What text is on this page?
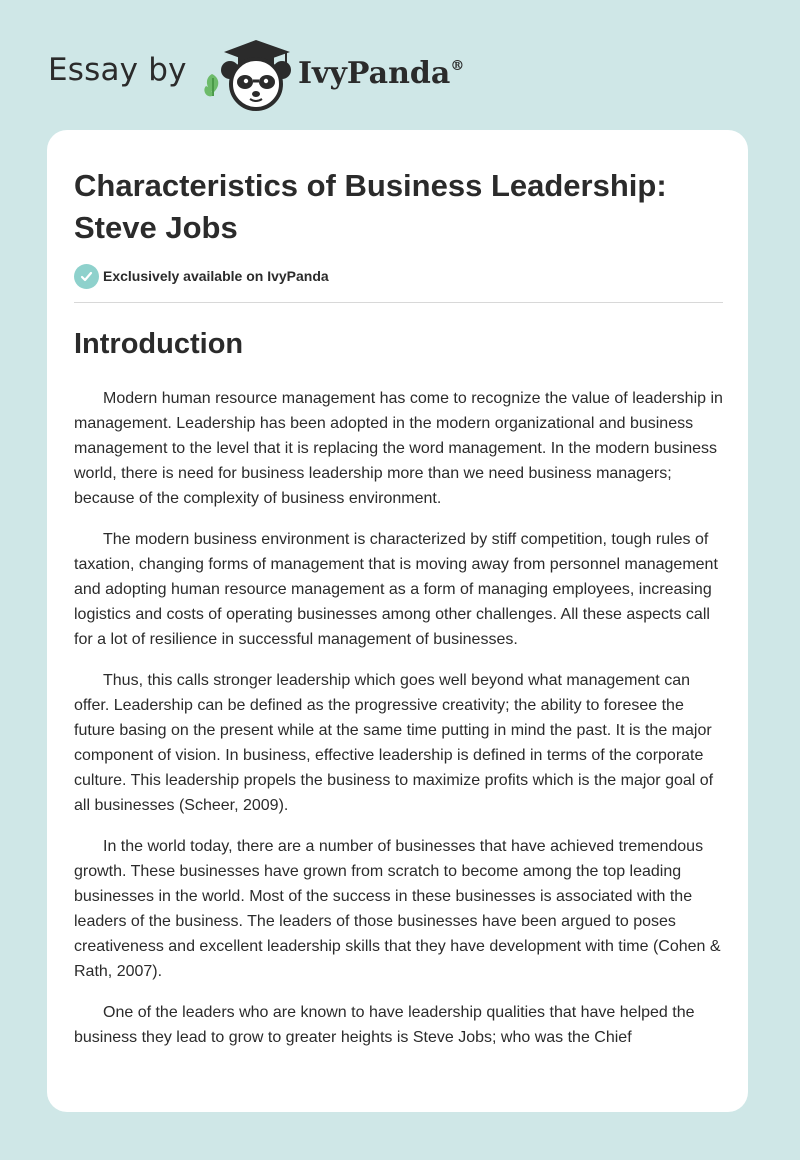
Essay by	IvyPanda®
Characteristics of Business Leadership: Steve Jobs
Exclusively available on IvyPanda
Introduction

Modern human resource management has come to recognize the value of leadership in management. Leadership has been adopted in the modern organizational and business management to the level that it is replacing the word management. In the modern business world, there is need for business leadership more than we need business managers; because of the complexity of business environment.

The modern business environment is characterized by stiff competition, tough rules of taxation, changing forms of management that is moving away from personnel management and adopting human resource management as a form of managing employees, increasing logistics and costs of operating businesses among other challenges. All these aspects call for a lot of resilience in successful management of businesses.

Thus, this calls stronger leadership which goes well beyond what management can offer. Leadership can be defined as the progressive creativity; the ability to foresee the future basing on the present while at the same time putting in mind the past. It is the major component of vision. In business, effective leadership is defined in terms of the corporate culture. This leadership propels the business to maximize profits which is the major goal of all businesses (Scheer, 2009).

In the world today, there are a number of businesses that have achieved tremendous growth. These businesses have grown from scratch to become among the top leading businesses in the world. Most of the success in these businesses is associated with the leaders of the business. The leaders of those businesses have been argued to poses creativeness and excellent leadership skills that they have development with time (Cohen & Rath, 2007).

One of the leaders who are known to have leadership qualities that have helped the business they lead to grow to greater heights is Steve Jobs; who was the Chief
